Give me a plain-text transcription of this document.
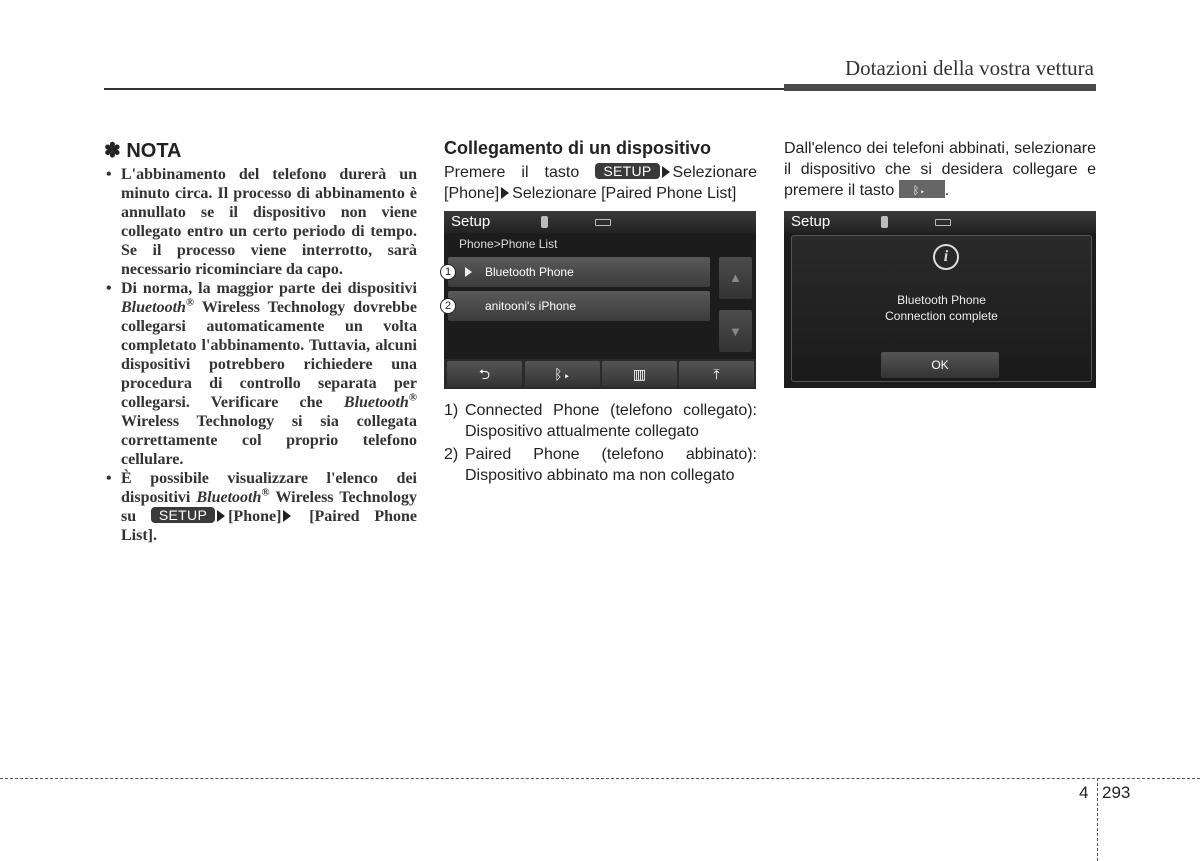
Dotazioni della vostra vettura
✽ NOTA
• L'abbinamento del telefono durerà un minuto circa. Il processo di abbinamento è annullato se il dispositivo non viene collegato entro un certo periodo di tempo. Se il processo viene interrotto, sarà necessario ricominciare da capo.
• Di norma, la maggior parte dei dispositivi Bluetooth® Wireless Technology dovrebbe collegarsi automaticamente un volta completato l'abbinamento. Tuttavia, alcuni dispositivi potrebbero richiedere una procedura di controllo separata per collegarsi. Verificare che Bluetooth® Wireless Technology si sia collegata correttamente col proprio telefono cellulare.
• È possibile visualizzare l'elenco dei dispositivi Bluetooth® Wireless Technology su SETUP [Phone] [Paired Phone List].
Collegamento di un dispositivo
Premere il tasto SETUP Selezionare [Phone] Selezionare [Paired Phone List]
Setup
Phone>Phone List
Bluetooth Phone
anitooni's iPhone
▲
▼
⮌	ᛒ▸	▥	⤒
1
2
1) Connected Phone (telefono collegato): Dispositivo attualmente collegato
2) Paired Phone (telefono abbinato): Dispositivo abbinato ma non collegato
Dall'elenco dei telefoni abbinati, selezionare il dispositivo che si desidera collegare e premere il tasto ᛒ▸ .
Setup
i
Bluetooth Phone
Connection complete
OK
4 293
